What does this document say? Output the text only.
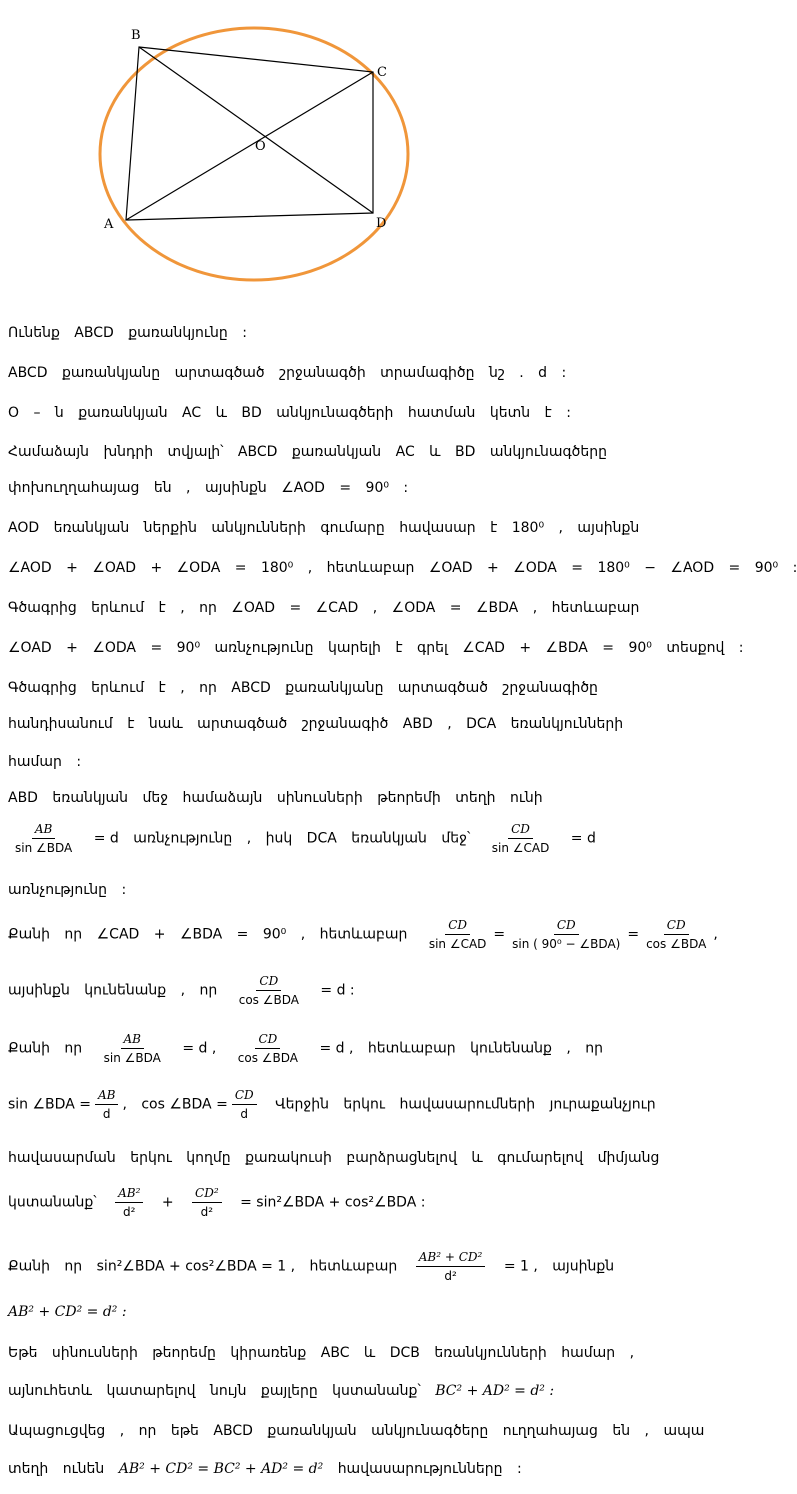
B
C
O
A	D
Ունենք ABCD քառանկյունը :
ABCD քառանկյանը արտագծած շրջանագծի տրամագիծը նշ . d :
O – ն քառանկյան AC և BD անկյունագծերի հատման կետն է :
Համաձայն խնդրի տվյալի՝ ABCD քառանկյան AC և BD անկյունագծերը
փոխուղղահայաց են , այսինքն ∠AOD = 90⁰ :
AOD եռանկյան ներքին անկյունների գումարը հավասար է 180⁰ , այսինքն
∠AOD + ∠OAD + ∠ODA = 180⁰ , հետևաբար ∠OAD + ∠ODA = 180⁰ − ∠AOD = 90⁰ :
Գծագրից երևում է , որ ∠OAD = ∠CAD , ∠ODA = ∠BDA , հետևաբար
∠OAD + ∠ODA = 90⁰ առնչությունը կարելի է գրել ∠CAD + ∠BDA = 90⁰ տեսքով :
Գծագրից երևում է , որ ABCD քառանկյանը արտագծած շրջանագիծը
հանդիսանում է նաև արտագծած շրջանագիծ ABD , DCA եռանկյունների
համար :
ABD եռանկյան մեջ համաձայն սինուսների թեորեմի տեղի ունի
$\frac{AB}{\text{sin ∠BDA}} = d$ առնչությունը , իսկ DCA եռանկյան մեջ՝ $\frac{CD}{\text{sin ∠CAD}} = d$
առնչությունը :
Քանի որ ∠CAD + ∠BDA = 90⁰ , հետևաբար $\frac{CD}{\text{sin ∠CAD}} = \frac{CD}{\text{sin ( 90⁰ − ∠BDA)}} = \frac{CD}{\text{cos ∠BDA}}$ ,
այսինքն կունենանք , որ $\frac{CD}{\text{cos ∠BDA}} = d$ :
Քանի որ $\frac{AB}{\text{sin ∠BDA}} = d$ , $\frac{CD}{\text{cos ∠BDA}} = d$ , հետևաբար կունենանք , որ
sin ∠BDA = $\frac{AB}{d}$ , cos ∠BDA = $\frac{CD}{d}$ Վերջին երկու հավասարումների յուրաքանչյուր
հավասարման երկու կողմը քառակուսի բարձրացնելով և գումարելով միմյանց
կստանանք՝ $\frac{\text{AB²}}{\text{d²}} + \frac{\text{CD²}}{\text{d²}}$ = sin²∠BDA + cos²∠BDA :
Քանի որ sin²∠BDA + cos²∠BDA = 1 , հետևաբար $\frac{\text{AB² + CD²}}{\text{d²}} = 1$ , այսինքն
AB² + CD² = d² :
Եթե սինուսների թեորեմը կիրառենք ABC և DCB եռանկյունների համար ,
այնուհետև կատարելով նույն քայլերը կստանանք՝ BC² + AD² = d² :
Ապացուցվեց , որ եթե ABCD քառանկյան անկյունագծերը ուղղահայաց են , ապա
տեղի ունեն AB² + CD² = BC² + AD² = d² հավասարությունները :
